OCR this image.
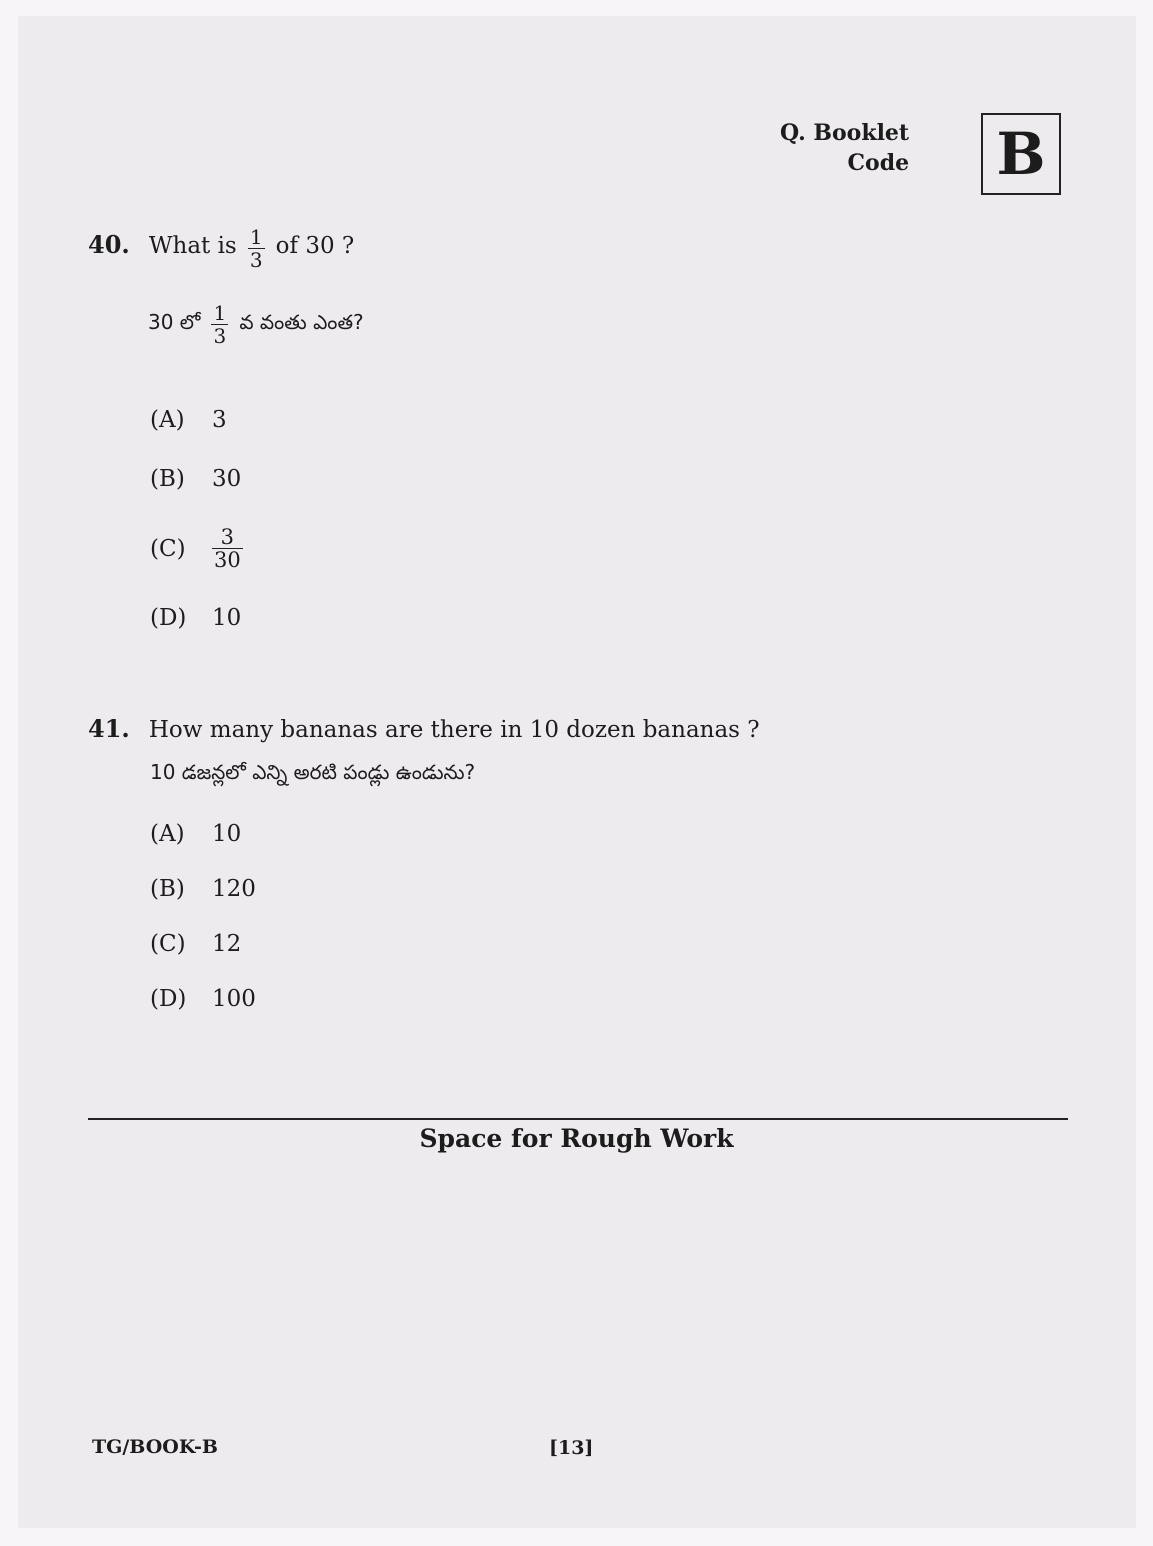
Q. Booklet
Code B
40. What is $\frac{1}{3}$ of 30 ?
30 లో $\frac{1}{3}$ వ వంతు ఎంత?
(A)	3
(B)	30
(C)	$\frac{3}{30}$
(D)	10
41. How many bananas are there in 10 dozen bananas ?
10 డజన్లలో ఎన్ని అరటి పండ్లు ఉండును?
(A)	10
(B)	120
(C)	12
(D)	100
Space for Rough Work
TG/BOOK-B	[13]
